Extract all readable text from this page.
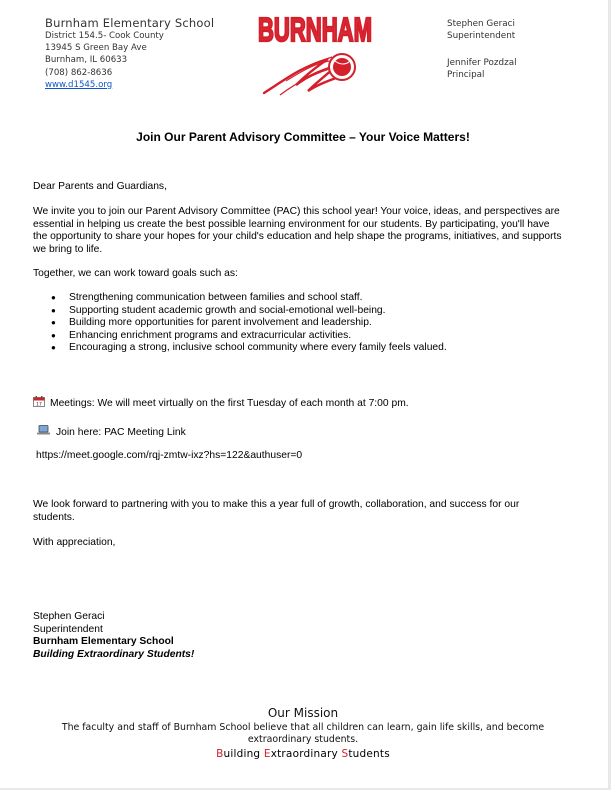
Burnham Elementary School
District 154.5- Cook County
13945 S Green Bay Ave
Burnham, IL 60633
(708) 862-8636
www.d1545.org
BURNHAM
BURNHAM	Stephen Geraci
Superintendent
Jennifer Pozdzal
Principal
Join Our Parent Advisory Committee – Your Voice Matters!
Dear Parents and Guardians,
We invite you to join our Parent Advisory Committee (PAC) this school year! Your voice, ideas, and perspectives are essential in helping us create the best possible learning environment for our students. By participating, you'll have the opportunity to share your hopes for your child's education and help shape the programs, initiatives, and supports we bring to life.
Together, we can work toward goals such as:
● Strengthening communication between families and school staff.
● Supporting student academic growth and social-emotional well-being.
● Building more opportunities for parent involvement and leadership.
● Enhancing enrichment programs and extracurricular activities.
● Encouraging a strong, inclusive school community where every family feels valued.
17 Meetings: We will meet virtually on the first Tuesday of each month at 7:00 pm.
Join here: PAC Meeting Link
https://meet.google.com/rqj-zmtw-ixz?hs=122&authuser=0
We look forward to partnering with you to make this a year full of growth, collaboration, and success for our students.
With appreciation,
Stephen Geraci
Superintendent
Burnham Elementary School
Building Extraordinary Students!
Our Mission
The faculty and staff of Burnham School believe that all children can learn, gain life skills, and become extraordinary students.
Building Extraordinary Students
